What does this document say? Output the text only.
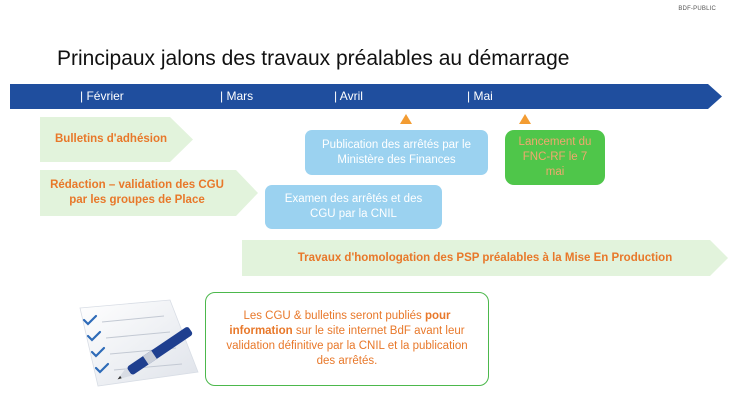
BDF-PUBLIC
Principaux jalons des travaux préalables au démarrage
| Février	| Mars	| Avril	| Mai
Bulletins d'adhésion
Rédaction – validation des CGU par les groupes de Place
Travaux d'homologation des PSP préalables à la Mise En Production
Examen des arrêtés et des CGU par la CNIL
Publication des arrêtés par le Ministère des Finances
Lancement du FNC-RF le 7 mai
Les CGU & bulletins seront publiés pour information sur le site internet BdF avant leur validation définitive par la CNIL et la publication des arrêtés.
